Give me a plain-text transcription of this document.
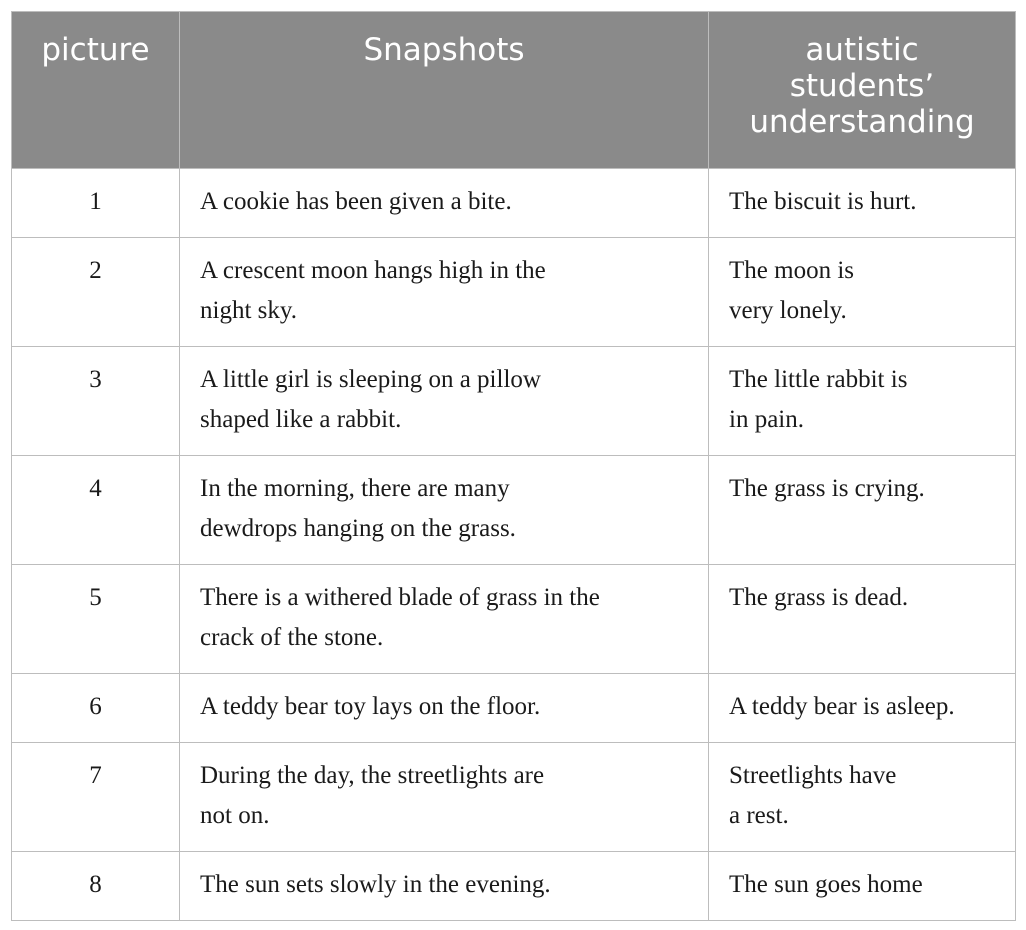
picture	Snapshots	autistic students’ understanding

1	A cookie has been given a bite.	The biscuit is hurt.

2	A crescent moon hangs high in the
night sky.	The moon is
very lonely.

3	A little girl is sleeping on a pillow
shaped like a rabbit.	The little rabbit is
in pain.

4	In the morning, there are many
dewdrops hanging on the grass.	The grass is crying.

5	There is a withered blade of grass in the
crack of the stone.	The grass is dead.

6	A teddy bear toy lays on the floor.	A teddy bear is asleep.

7	During the day, the streetlights are
not on.	Streetlights have
a rest.

8	The sun sets slowly in the evening.	The sun goes home
